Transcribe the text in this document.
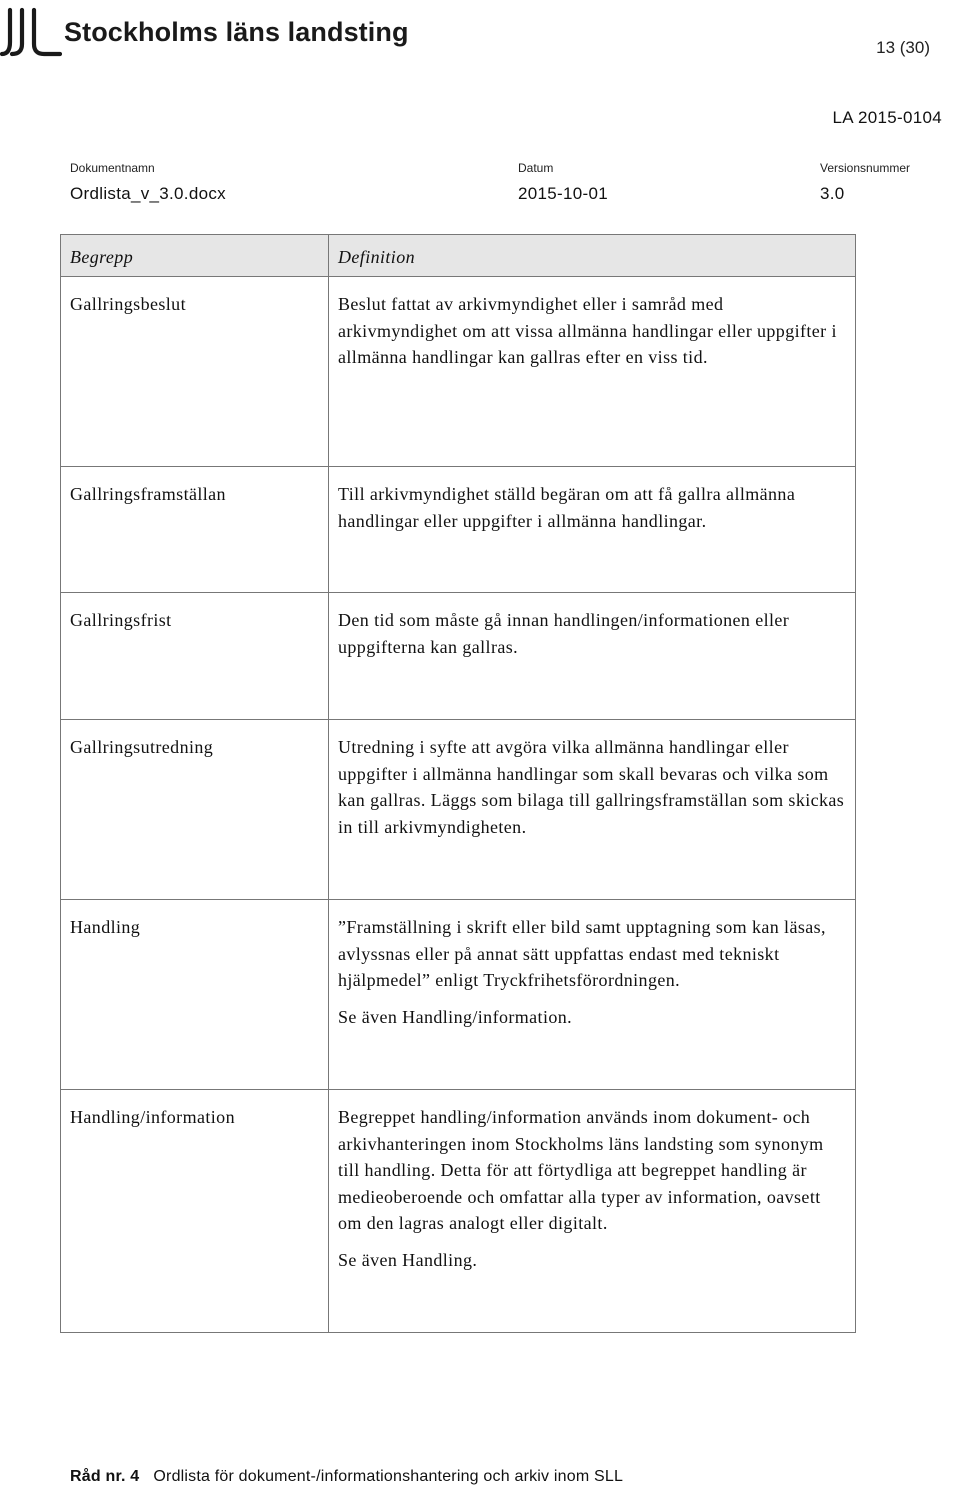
Stockholms läns landsting
13 (30)
LA 2015-0104
Dokumentnamn
Ordlista_v_3.0.docx
Datum
2015-10-01
Versionsnummer
3.0
Begrepp	Definition
Gallringsbeslut	Beslut fattat av arkivmyndighet eller i samråd med arkivmyndighet om att vissa allmänna handlingar eller uppgifter i allmänna handlingar kan gallras efter en viss tid.

Gallringsframställan	Till arkivmyndighet ställd begäran om att få gallra allmänna handlingar eller uppgifter i allmänna handlingar.

Gallringsfrist	Den tid som måste gå innan handlingen/informationen eller uppgifterna kan gallras.

Gallringsutredning	Utredning i syfte att avgöra vilka allmänna handlingar eller uppgifter i allmänna handlingar som skall bevaras och vilka som kan gallras. Läggs som bilaga till gallringsframställan som skickas in till arkivmyndigheten.

Handling	”Framställning i skrift eller bild samt upptagning som kan läsas, avlyssnas eller på annat sätt uppfattas endast med tekniskt hjälpmedel” enligt Tryckfrihetsförordningen.
Se även Handling/information.

Handling/information	Begreppet handling/information används inom dokument- och arkivhanteringen inom Stockholms läns landsting som synonym till handling. Detta för att förtydliga att begreppet handling är medieoberoende och omfattar alla typer av information, oavsett om den lagras analogt eller digitalt.
Se även Handling.
Råd nr. 4 Ordlista för dokument-/informationshantering och arkiv inom SLL
